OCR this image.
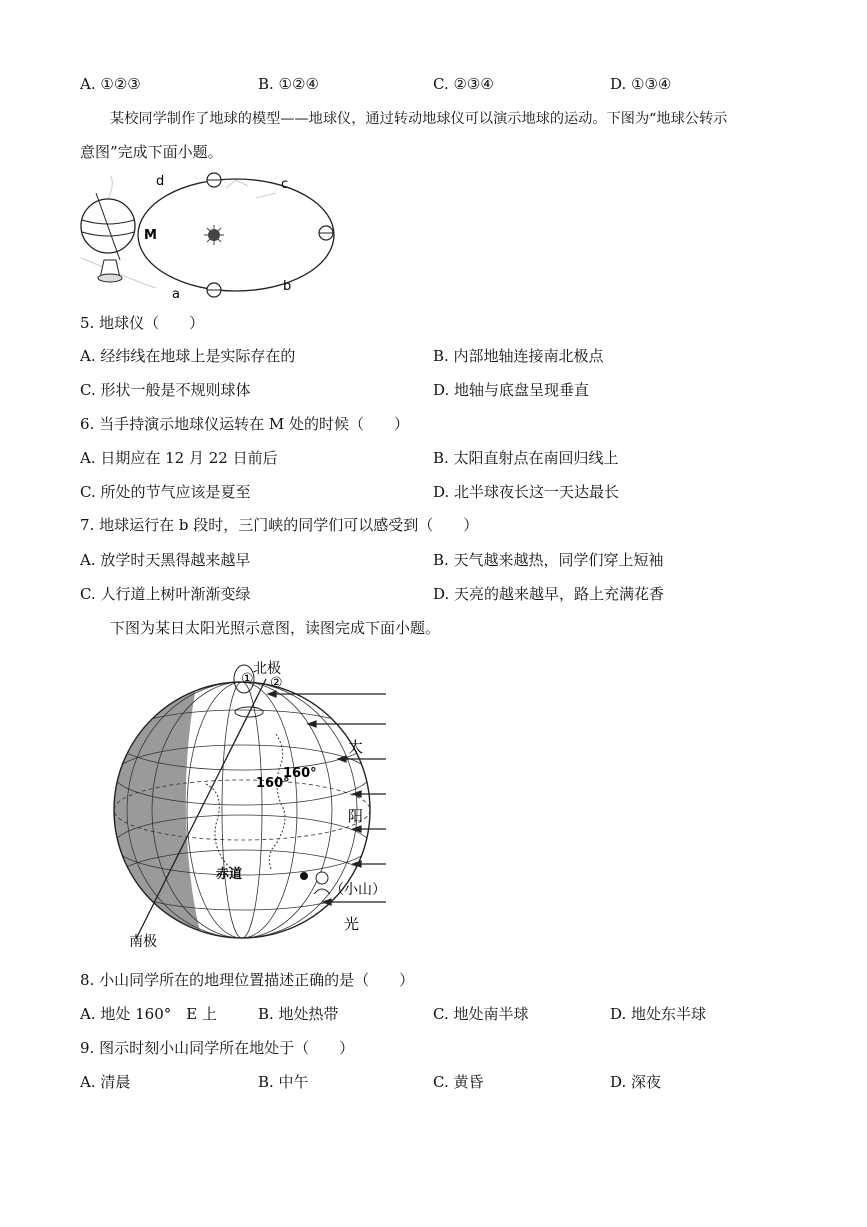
A. ①②③	B. ①②④	C. ②③④	D. ①③④
某校同学制作了地球的模型——地球仪，通过转动地球仪可以演示地球的运动。下图为“地球公转示
意图”完成下面小题。
d	c
M
a
b
5. 地球仪（　　）
A. 经纬线在地球上是实际存在的	B. 内部地轴连接南北极点
C. 形状一般是不规则球体	D. 地轴与底盘呈现垂直
6. 当手持演示地球仪运转在 M 处的时候（　　）
A. 日期应在 12 月 22 日前后	B. 太阳直射点在南回归线上
C. 所处的节气应该是夏至	D. 北半球夜长这一天达最长
7. 地球运行在 b 段时，三门峡的同学们可以感受到（　　）
A. 放学时天黑得越来越早	B. 天气越来越热，同学们穿上短袖
C. 人行道上树叶渐渐变绿	D. 天亮的越来越早，路上充满花香
下图为某日太阳光照示意图，读图完成下面小题。
北极
① ②
南极
赤道
160°
160°
（小山）
太
阳
光
8. 小山同学所在的地理位置描述正确的是（　　）
A. 地处 160°　E 上	B. 地处热带	C. 地处南半球	D. 地处东半球
9. 图示时刻小山同学所在地处于（　　）
A. 清晨	B. 中午	C. 黄昏	D. 深夜
